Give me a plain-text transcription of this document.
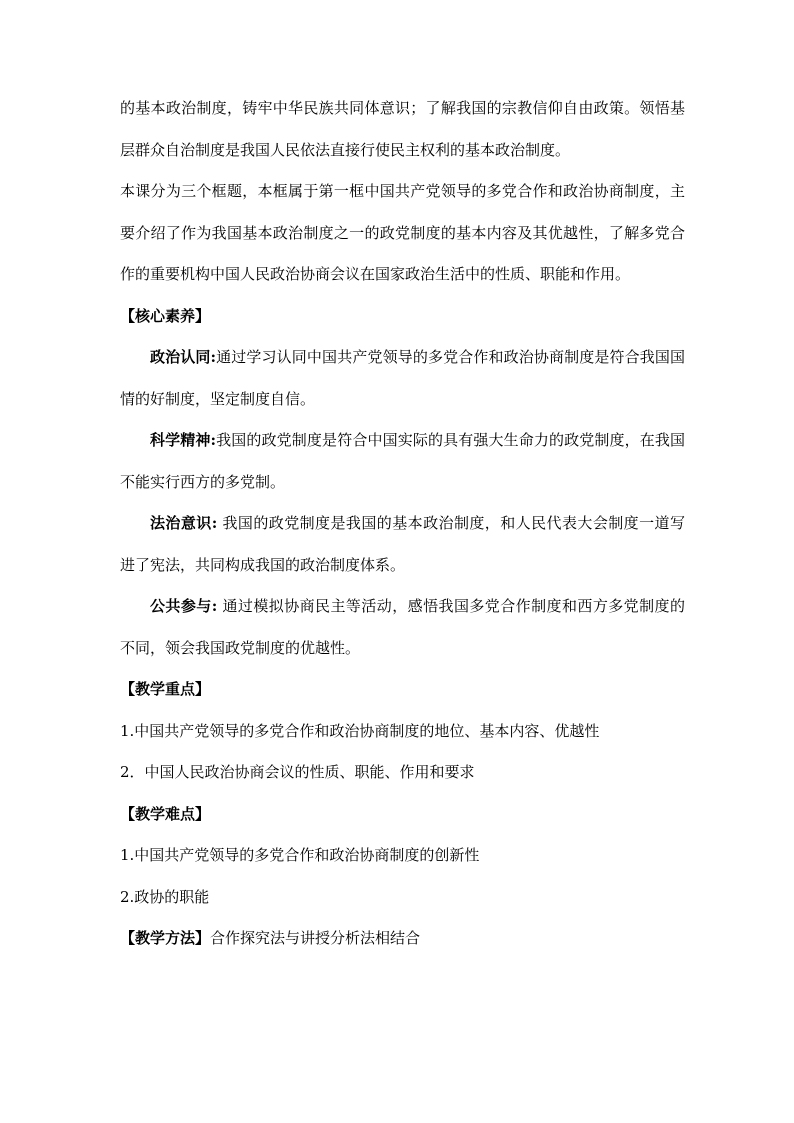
的基本政治制度，铸牢中华民族共同体意识；了解我国的宗教信仰自由政策。领悟基层群众自治制度是我国人民依法直接行使民主权利的基本政治制度。

本课分为三个框题，本框属于第一框中国共产党领导的多党合作和政治协商制度，主要介绍了作为我国基本政治制度之一的政党制度的基本内容及其优越性，了解多党合作的重要机构中国人民政治协商会议在国家政治生活中的性质、职能和作用。

【核心素养】

政治认同:通过学习认同中国共产党领导的多党合作和政治协商制度是符合我国国情的好制度，坚定制度自信。

科学精神:我国的政党制度是符合中国实际的具有强大生命力的政党制度，在我国不能实行西方的多党制。

法治意识: 我国的政党制度是我国的基本政治制度，和人民代表大会制度一道写进了宪法，共同构成我国的政治制度体系。

公共参与: 通过模拟协商民主等活动，感悟我国多党合作制度和西方多党制度的不同，领会我国政党制度的优越性。

【教学重点】

1.中国共产党领导的多党合作和政治协商制度的地位、基本内容、优越性

2．中国人民政治协商会议的性质、职能、作用和要求

【教学难点】

1.中国共产党领导的多党合作和政治协商制度的创新性

2.政协的职能

【教学方法】合作探究法与讲授分析法相结合
